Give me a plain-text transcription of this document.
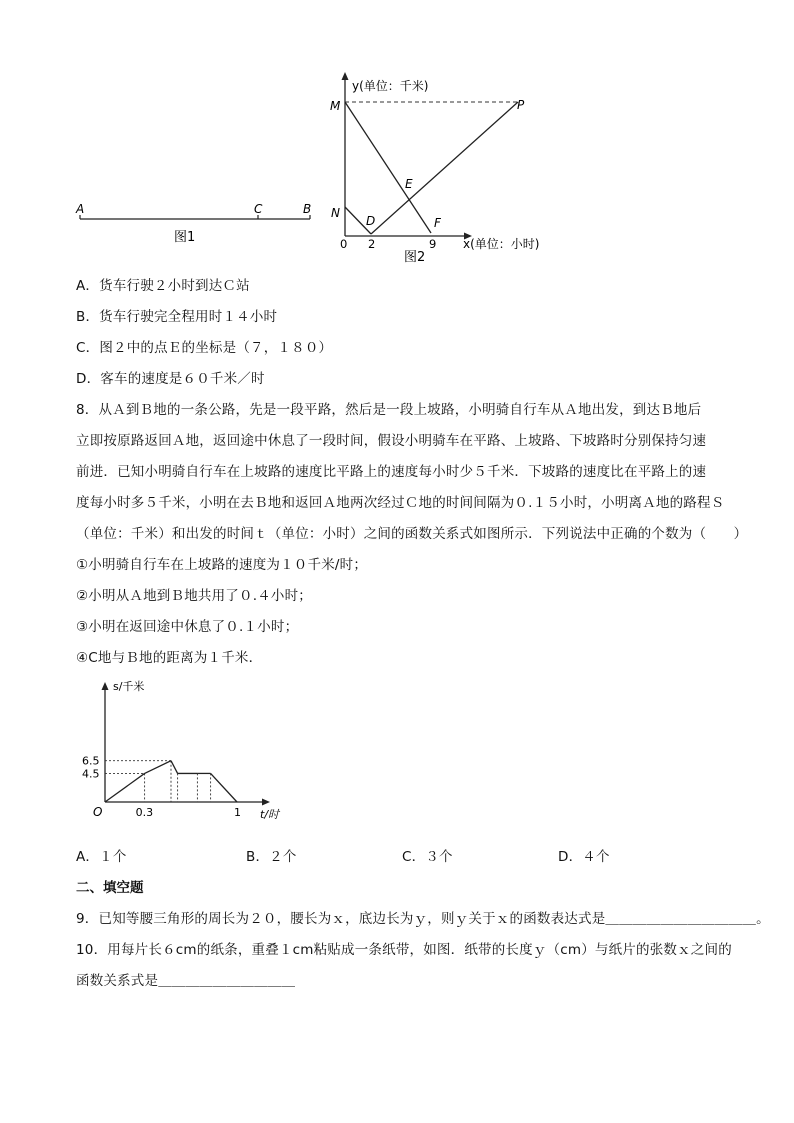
A	C	B
图1
y(单位：千米)
M	P
E
N
D	F
0 2	9 x(单位：小时)
图2
A．货车行驶２小时到达Ｃ站
B．货车行驶完全程用时１４小时
C．图２中的点Ｅ的坐标是（７，１８０）
D．客车的速度是６０千米／时
8．从Ａ到Ｂ地的一条公路，先是一段平路，然后是一段上坡路，小明骑自行车从Ａ地出发，到达Ｂ地后
立即按原路返回Ａ地，返回途中休息了一段时间，假设小明骑车在平路、上坡路、下坡路时分别保持匀速
前进．已知小明骑自行车在上坡路的速度比平路上的速度每小时少５千米．下坡路的速度比在平路上的速
度每小时多５千米，小明在去Ｂ地和返回Ａ地两次经过Ｃ地的时间间隔为０.１５小时，小明离Ａ地的路程Ｓ
（单位：千米）和出发的时间ｔ（单位：小时）之间的函数关系式如图所示．下列说法中正确的个数为（　　）
①小明骑自行车在上坡路的速度为１０千米/时；
②小明从Ａ地到Ｂ地共用了０.４小时；
③小明在返回途中休息了０.１小时；
④C地与Ｂ地的距离为１千米．
s/千米
6.5
4.5
O	0.3	1 t/时
A．１个	B．２个	C．３个	D．４个
二、填空题
9．已知等腰三角形的周长为２０，腰长为ｘ，底边长为ｙ，则ｙ关于ｘ的函数表达式是＿＿＿＿＿＿＿＿＿＿＿。
10．用每片长６cm的纸条，重叠１cm粘贴成一条纸带，如图．纸带的长度ｙ（cm）与纸片的张数ｘ之间的
函数关系式是＿＿＿＿＿＿＿＿＿＿
